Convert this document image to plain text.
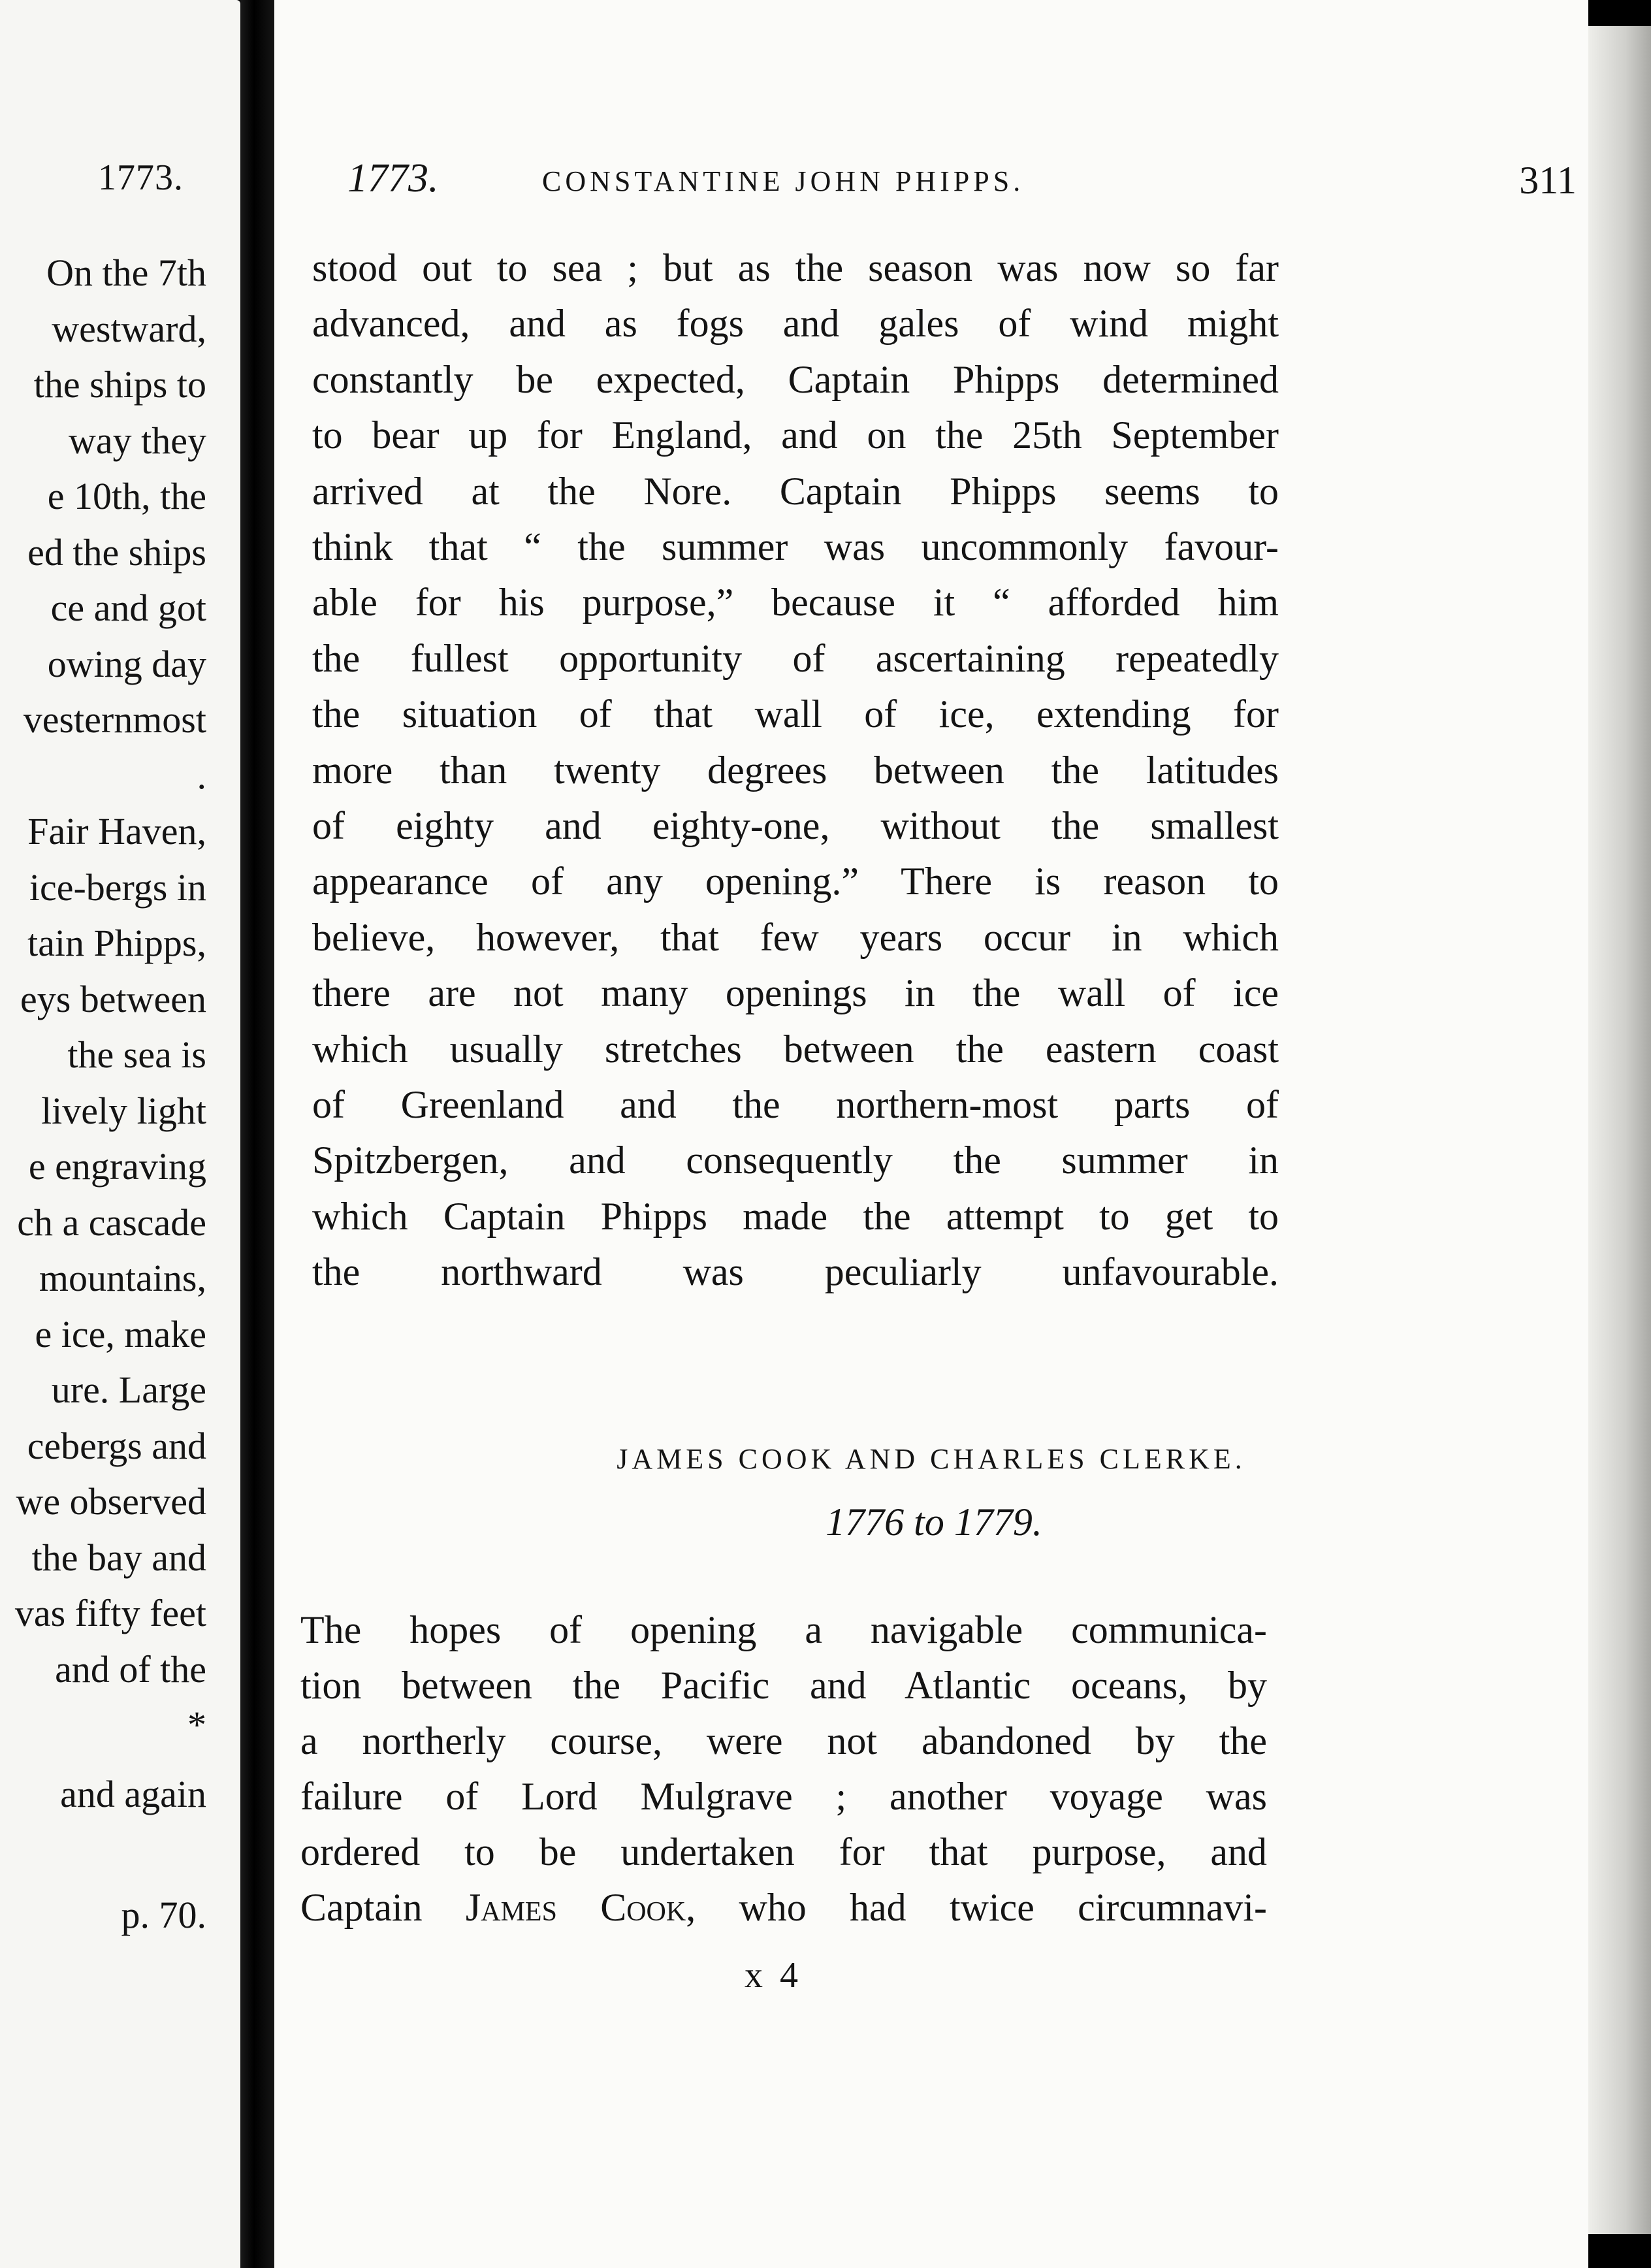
1773.
On the 7th
westward,
the ships to
way they
e 10th, the
ed the ships
ce and got
owing day
vesternmost
.
Fair Haven,
ice-bergs in
tain Phipps,
eys between
the sea is
lively light
e engraving
ch a cascade
mountains,
e ice, make
ure. Large
cebergs and
we observed
the bay and
vas fifty feet
and of the
*
and again
p. 70.
1773.	CONSTANTINE JOHN PHIPPS.	311
stood out to sea ; but as the season was now so far
advanced, and as fogs and gales of wind might
constantly be expected, Captain Phipps determined
to bear up for England, and on the 25th September
arrived at the Nore. Captain Phipps seems to
think that “ the summer was uncommonly favour-
able for his purpose,” because it “ afforded him
the fullest opportunity of ascertaining repeatedly
the situation of that wall of ice, extending for
more than twenty degrees between the latitudes
of eighty and eighty-one, without the smallest
appearance of any opening.” There is reason to
believe, however, that few years occur in which
there are not many openings in the wall of ice
which usually stretches between the eastern coast
of Greenland and the northern-most parts of
Spitzbergen, and consequently the summer in
which Captain Phipps made the attempt to get to
the northward was peculiarly unfavourable.
JAMES COOK AND CHARLES CLERKE.
1776 to 1779.
The hopes of opening a navigable communica-
tion between the Pacific and Atlantic oceans, by
a northerly course, were not abandoned by the
failure of Lord Mulgrave ; another voyage was
ordered to be undertaken for that purpose, and
Captain James Cook, who had twice circumnavi-
x 4
